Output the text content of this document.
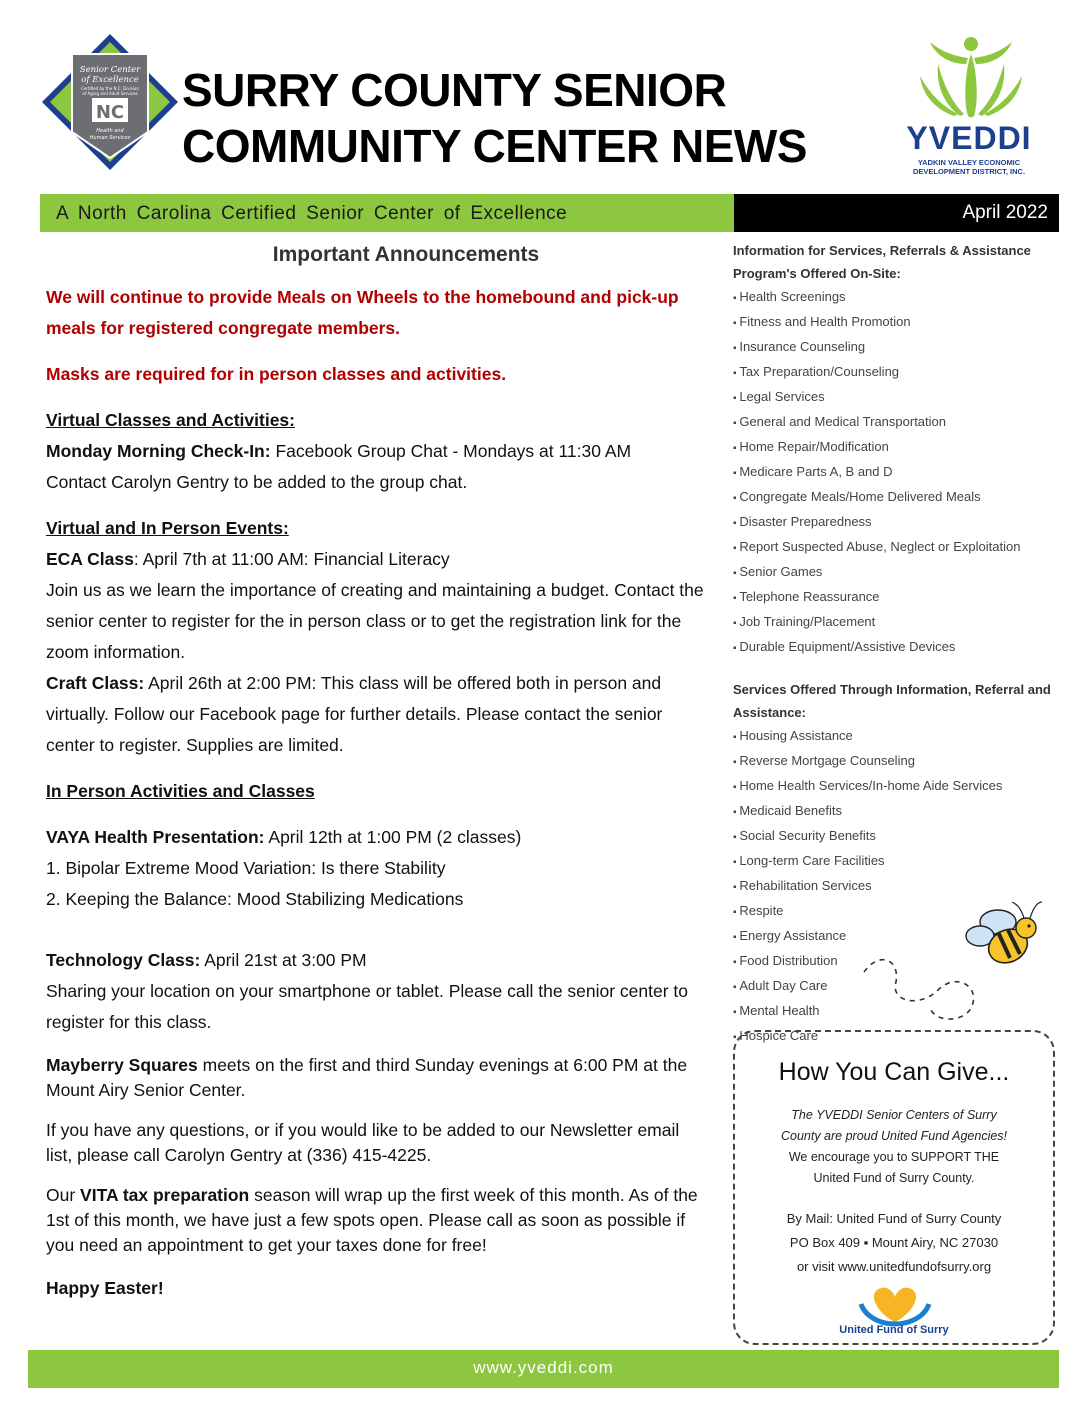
Senior Center
of Excellence
Certified by the N.C. Division
of Aging and Adult Services
NC
Health and
Human Services
SURRY COUNTY SENIOR
COMMUNITY CENTER NEWS	YVEDDI
YADKIN VALLEY ECONOMIC DEVELOPMENT DISTRICT, INC.
A North Carolina Certified Senior Center of Excellence	April 2022
Important Announcements
We will continue to provide Meals on Wheels to the homebound and pick-up meals for registered congregate members.
Masks are required for in person classes and activities.
Virtual Classes and Activities:
Monday Morning Check-In: Facebook Group Chat - Mondays at 11:30 AM
Contact Carolyn Gentry to be added to the group chat.
Virtual and In Person Events:
ECA Class: April 7th at 11:00 AM: Financial Literacy
Join us as we learn the importance of creating and maintaining a budget. Contact the senior center to register for the in person class or to get the registration link for the zoom information.
Craft Class: April 26th at 2:00 PM: This class will be offered both in person and virtually. Follow our Facebook page for further details. Please contact the senior center to register. Supplies are limited.
In Person Activities and Classes
VAYA Health Presentation: April 12th at 1:00 PM (2 classes)
1. Bipolar Extreme Mood Variation: Is there Stability
2. Keeping the Balance: Mood Stabilizing Medications
Technology Class: April 21st at 3:00 PM
Sharing your location on your smartphone or tablet. Please call the senior center to register for this class.
Mayberry Squares meets on the first and third Sunday evenings at 6:00 PM at the Mount Airy Senior Center.
If you have any questions, or if you would like to be added to our Newsletter email list, please call Carolyn Gentry at (336) 415-4225.
Our VITA tax preparation season will wrap up the first week of this month. As of the 1st of this month, we have just a few spots open. Please call as soon as possible if you need an appointment to get your taxes done for free!
Happy Easter!
Information for Services, Referrals & Assistance
Program's Offered On-Site:
▪ Health Screenings
▪ Fitness and Health Promotion
▪ Insurance Counseling
▪ Tax Preparation/Counseling
▪ Legal Services
▪ General and Medical Transportation
▪ Home Repair/Modification
▪ Medicare Parts A, B and D
▪ Congregate Meals/Home Delivered Meals
▪ Disaster Preparedness
▪ Report Suspected Abuse, Neglect or Exploitation
▪ Senior Games
▪ Telephone Reassurance
▪ Job Training/Placement
▪ Durable Equipment/Assistive Devices
Services Offered Through Information, Referral and Assistance:
▪ Housing Assistance
▪ Reverse Mortgage Counseling
▪ Home Health Services/In-home Aide Services
▪ Medicaid Benefits
▪ Social Security Benefits
▪ Long-term Care Facilities
▪ Rehabilitation Services
▪ Respite
▪ Energy Assistance
▪ Food Distribution
▪ Adult Day Care
▪ Mental Health
▪ Hospice Care
How You Can Give...
The YVEDDI Senior Centers of Surry
County are proud United Fund Agencies!
We encourage you to SUPPORT THE
United Fund of Surry County.
By Mail: United Fund of Surry County
PO Box 409 ▪ Mount Airy, NC 27030
or visit www.unitedfundofsurry.org
United Fund of Surry
www.yveddi.com
